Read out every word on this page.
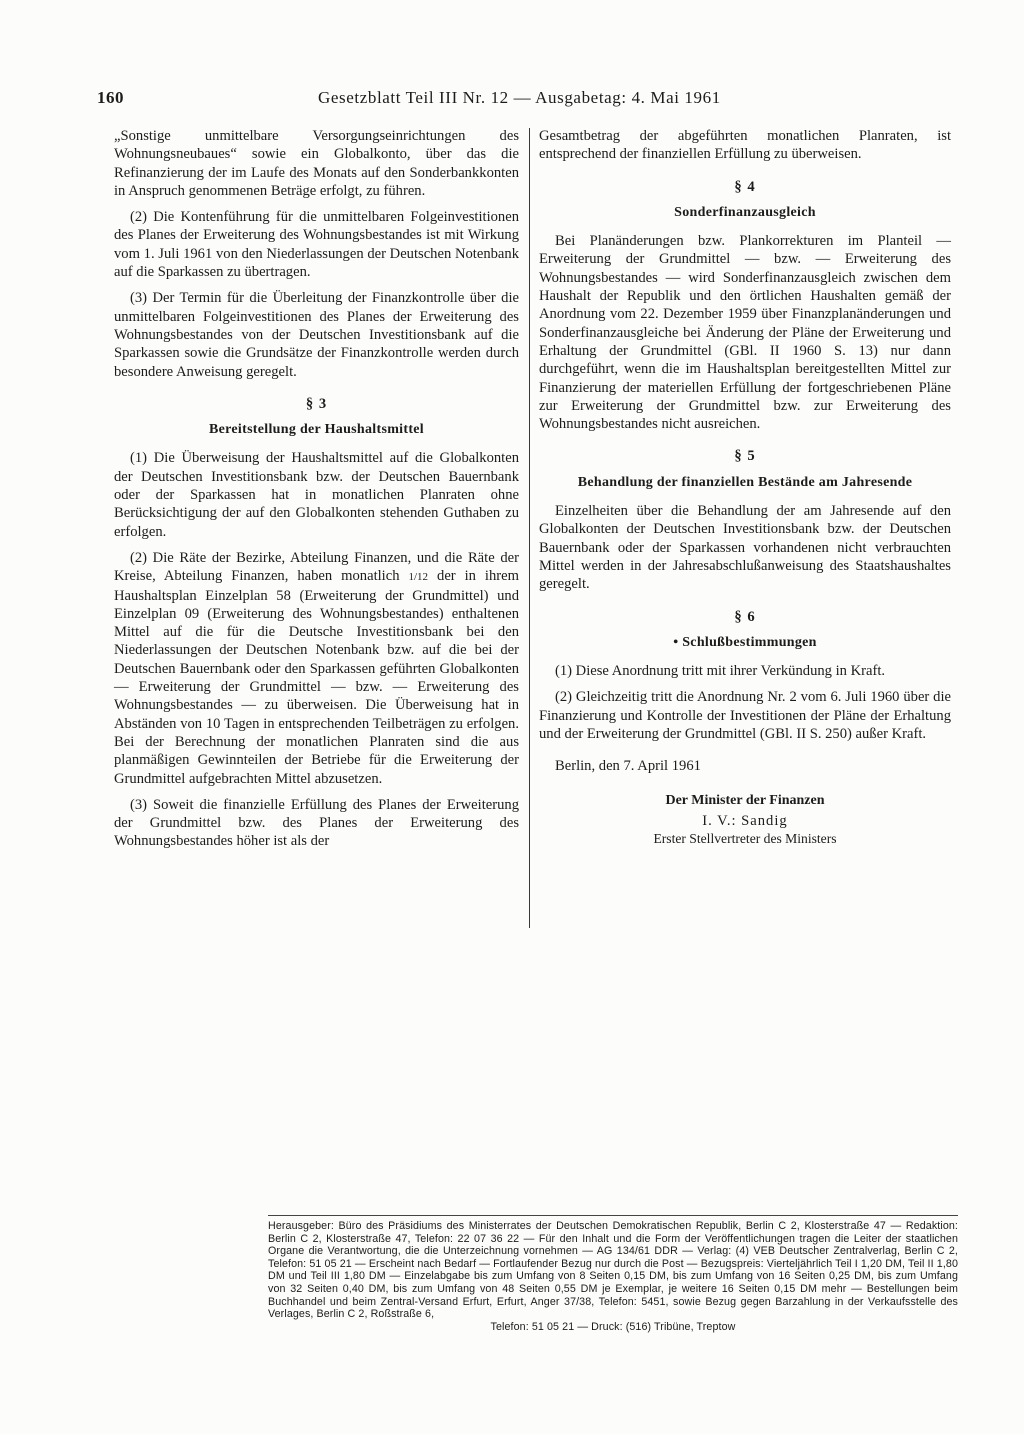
160	Gesetzblatt Teil III Nr. 12 — Ausgabetag: 4. Mai 1961

„Sonstige unmittelbare Versorgungseinrichtungen des Wohnungsneubaues“ sowie ein Globalkonto, über das die Refinanzierung der im Laufe des Monats auf den Sonderbankkonten in Anspruch genommenen Beträge erfolgt, zu führen.

(2) Die Kontenführung für die unmittelbaren Folgeinvestitionen des Planes der Erweiterung des Wohnungsbestandes ist mit Wirkung vom 1. Juli 1961 von den Niederlassungen der Deutschen Notenbank auf die Sparkassen zu übertragen.

(3) Der Termin für die Überleitung der Finanzkontrolle über die unmittelbaren Folgeinvestitionen des Planes der Erweiterung des Wohnungsbestandes von der Deutschen Investitionsbank auf die Sparkassen sowie die Grundsätze der Finanzkontrolle werden durch besondere Anweisung geregelt.

§ 3
Bereitstellung der Haushaltsmittel

(1) Die Überweisung der Haushaltsmittel auf die Globalkonten der Deutschen Investitionsbank bzw. der Deutschen Bauernbank oder der Sparkassen hat in monatlichen Planraten ohne Berücksichtigung der auf den Globalkonten stehenden Guthaben zu erfolgen.

(2) Die Räte der Bezirke, Abteilung Finanzen, und die Räte der Kreise, Abteilung Finanzen, haben monatlich 1/12 der in ihrem Haushaltsplan Einzelplan 58 (Erweiterung der Grundmittel) und Einzelplan 09 (Erweiterung des Wohnungsbestandes) enthaltenen Mittel auf die für die Deutsche Investitionsbank bei den Niederlassungen der Deutschen Notenbank bzw. auf die bei der Deutschen Bauernbank oder den Sparkassen geführten Globalkonten — Erweiterung der Grundmittel — bzw. — Erweiterung des Wohnungsbestandes — zu überweisen. Die Überweisung hat in Abständen von 10 Tagen in entsprechenden Teilbeträgen zu erfolgen. Bei der Berechnung der monatlichen Planraten sind die aus planmäßigen Gewinnteilen der Betriebe für die Erweiterung der Grundmittel aufgebrachten Mittel abzusetzen.

(3) Soweit die finanzielle Erfüllung des Planes der Erweiterung der Grundmittel bzw. des Planes der Erweiterung des Wohnungsbestandes höher ist als der

Gesamtbetrag der abgeführten monatlichen Planraten, ist entsprechend der finanziellen Erfüllung zu überweisen.

§ 4
Sonderfinanzausgleich

Bei Planänderungen bzw. Plankorrekturen im Planteil — Erweiterung der Grundmittel — bzw. — Erweiterung des Wohnungsbestandes — wird Sonderfinanzausgleich zwischen dem Haushalt der Republik und den örtlichen Haushalten gemäß der Anordnung vom 22. Dezember 1959 über Finanzplanänderungen und Sonderfinanzausgleiche bei Änderung der Pläne der Erweiterung und Erhaltung der Grundmittel (GBl. II 1960 S. 13) nur dann durchgeführt, wenn die im Haushaltsplan bereitgestellten Mittel zur Finanzierung der materiellen Erfüllung der fortgeschriebenen Pläne zur Erweiterung der Grundmittel bzw. zur Erweiterung des Wohnungsbestandes nicht ausreichen.

§ 5
Behandlung der finanziellen Bestände am Jahresende

Einzelheiten über die Behandlung der am Jahresende auf den Globalkonten der Deutschen Investitionsbank bzw. der Deutschen Bauernbank oder der Sparkassen vorhandenen nicht verbrauchten Mittel werden in der Jahresabschlußanweisung des Staatshaushaltes geregelt.

§ 6
• Schlußbestimmungen

(1) Diese Anordnung tritt mit ihrer Verkündung in Kraft.

(2) Gleichzeitig tritt die Anordnung Nr. 2 vom 6. Juli 1960 über die Finanzierung und Kontrolle der Investitionen der Pläne der Erhaltung und der Erweiterung der Grundmittel (GBl. II S. 250) außer Kraft.

Berlin, den 7. April 1961

Der Minister der Finanzen
I. V.: Sandig
Erster Stellvertreter des Ministers
Herausgeber: Büro des Präsidiums des Ministerrates der Deutschen Demokratischen Republik, Berlin C 2, Klosterstraße 47 — Redaktion: Berlin C 2, Klosterstraße 47, Telefon: 22 07 36 22 — Für den Inhalt und die Form der Veröffentlichungen tragen die Leiter der staatlichen Organe die Verantwortung, die die Unterzeichnung vornehmen — AG 134/61 DDR — Verlag: (4) VEB Deutscher Zentralverlag, Berlin C 2, Telefon: 51 05 21 — Erscheint nach Bedarf — Fortlaufender Bezug nur durch die Post — Bezugspreis: Vierteljährlich Teil I 1,20 DM, Teil II 1,80 DM und Teil III 1,80 DM — Einzelabgabe bis zum Umfang von 8 Seiten 0,15 DM, bis zum Umfang von 16 Seiten 0,25 DM, bis zum Umfang von 32 Seiten 0,40 DM, bis zum Umfang von 48 Seiten 0,55 DM je Exemplar, je weitere 16 Seiten 0,15 DM mehr — Bestellungen beim Buchhandel und beim Zentral-Versand Erfurt, Erfurt, Anger 37/38, Telefon: 5451, sowie Bezug gegen Barzahlung in der Verkaufsstelle des Verlages, Berlin C 2, Roßstraße 6,
Telefon: 51 05 21 — Druck: (516) Tribüne, Treptow
